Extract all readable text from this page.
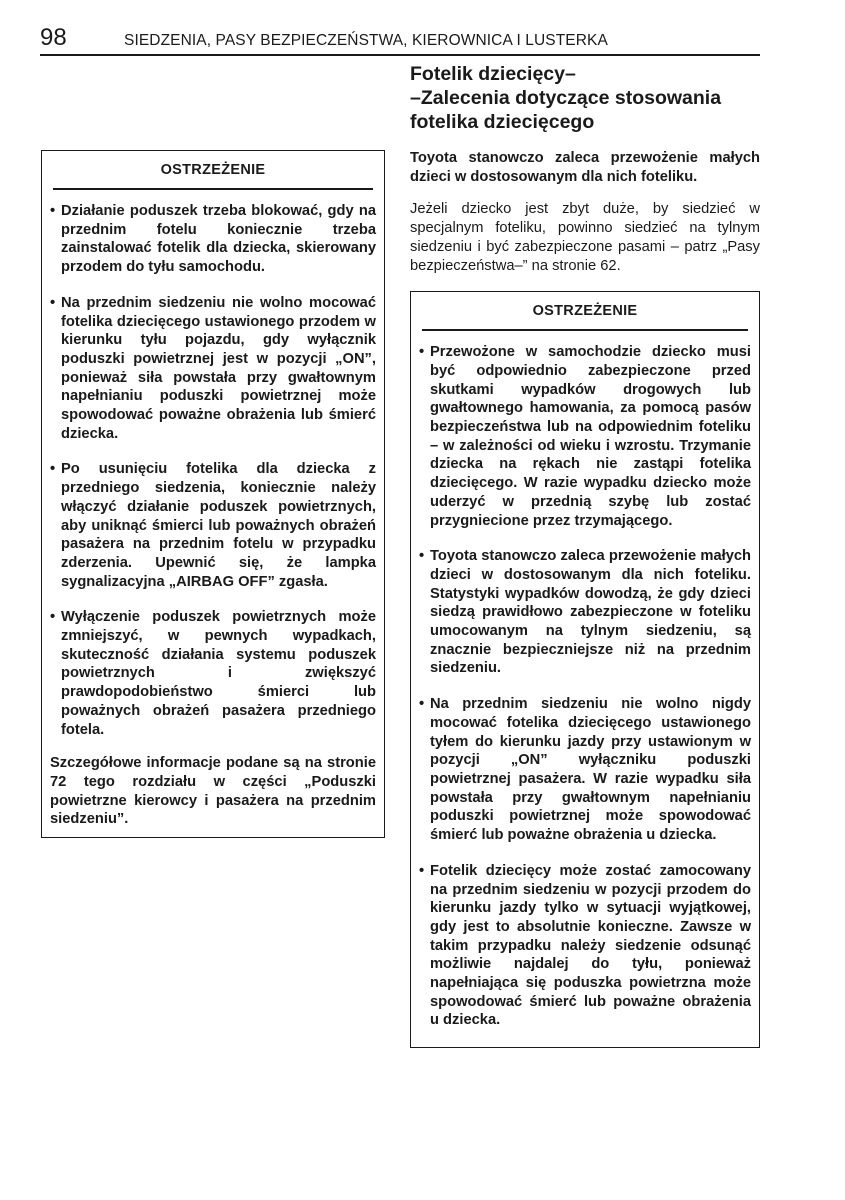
98	SIEDZENIA, PASY BEZPIECZEŃSTWA, KIEROWNICA I LUSTERKA
OSTRZEŻENIE
• Działanie poduszek trzeba blokować, gdy na przednim fotelu koniecznie trzeba zainstalować fotelik dla dziecka, skierowany przodem do tyłu samochodu.
• Na przednim siedzeniu nie wolno mocować fotelika dziecięcego ustawionego przodem w kierunku tyłu pojazdu, gdy wyłącznik poduszki powietrznej jest w pozycji „ON”, ponieważ siła powstała przy gwałtownym napełnianiu poduszki powietrznej może spowodować poważne obrażenia lub śmierć dziecka.
• Po usunięciu fotelika dla dziecka z przedniego siedzenia, koniecznie należy włączyć działanie poduszek powietrznych, aby uniknąć śmierci lub poważnych obrażeń pasażera na przednim fotelu w przypadku zderzenia. Upewnić się, że lampka sygnalizacyjna „AIRBAG OFF” zgasła.
• Wyłączenie poduszek powietrznych może zmniejszyć, w pewnych wypadkach, skuteczność działania systemu poduszek powietrznych i zwiększyć prawdopodobieństwo śmierci lub poważnych obrażeń pasażera przedniego fotela.
Szczegółowe informacje podane są na stronie 72 tego rozdziału w części „Poduszki powietrzne kierowcy i pasażera na przednim siedzeniu”.
Fotelik dziecięcy–
–Zalecenia dotyczące stosowania
fotelika dziecięcego

Toyota stanowczo zaleca przewożenie małych dzieci w dostosowanym dla nich foteliku.

Jeżeli dziecko jest zbyt duże, by siedzieć w specjalnym foteliku, powinno siedzieć na tylnym siedzeniu i być zabezpieczone pasami – patrz „Pasy bezpieczeństwa–” na stronie 62.

OSTRZEŻENIE
• Przewożone w samochodzie dziecko musi być odpowiednio zabezpieczone przed skutkami wypadków drogowych lub gwałtownego hamowania, za pomocą pasów bezpieczeństwa lub na odpowiednim foteliku – w zależności od wieku i wzrostu. Trzymanie dziecka na rękach nie zastąpi fotelika dziecięcego. W razie wypadku dziecko może uderzyć w przednią szybę lub zostać przygniecione przez trzymającego.
• Toyota stanowczo zaleca przewożenie małych dzieci w dostosowanym dla nich foteliku. Statystyki wypadków dowodzą, że gdy dzieci siedzą prawidłowo zabezpieczone w foteliku umocowanym na tylnym siedzeniu, są znacznie bezpieczniejsze niż na przednim siedzeniu.
• Na przednim siedzeniu nie wolno nigdy mocować fotelika dziecięcego ustawionego tyłem do kierunku jazdy przy ustawionym w pozycji „ON” wyłączniku poduszki powietrznej pasażera. W razie wypadku siła powstała przy gwałtownym napełnianiu poduszki powietrznej może spowodować śmierć lub poważne obrażenia u dziecka.
• Fotelik dziecięcy może zostać zamocowany na przednim siedzeniu w pozycji przodem do kierunku jazdy tylko w sytuacji wyjątkowej, gdy jest to absolutnie konieczne. Zawsze w takim przypadku należy siedzenie odsunąć możliwie najdalej do tyłu, ponieważ napełniająca się poduszka powietrzna może spowodować śmierć lub poważne obrażenia u dziecka.
